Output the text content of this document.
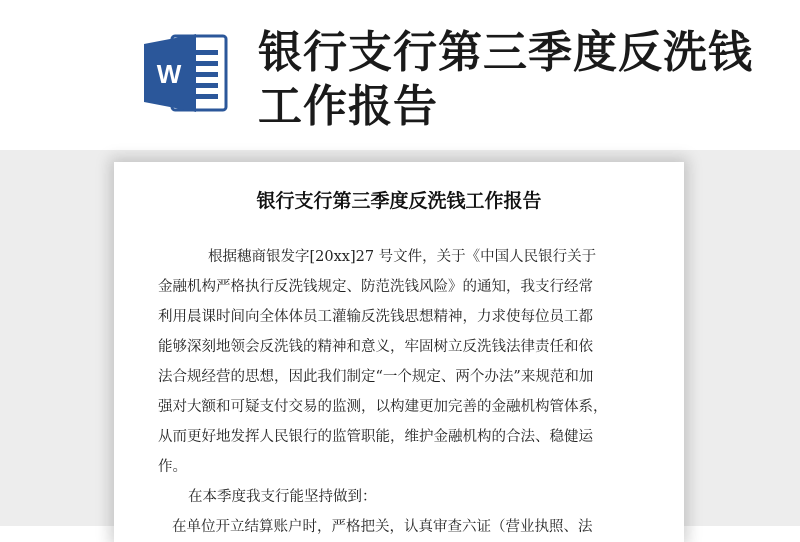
W 银行支行第三季度反洗钱工作报告
银行支行第三季度反洗钱工作报告
根据穗商银发字[20xx]27 号文件，关于《中国人民银行关于
金融机构严格执行反洗钱规定、防范洗钱风险》的通知，我支行经常
利用晨课时间向全体体员工灌输反洗钱思想精神，力求使每位员工都
能够深刻地领会反洗钱的精神和意义，牢固树立反洗钱法律责任和依
法合规经营的思想，因此我们制定“一个规定、两个办法”来规范和加
强对大额和可疑支付交易的监测，以构建更加完善的金融机构管体系，
从而更好地发挥人民银行的监管职能，维护金融机构的合法、稳健运
作。
在本季度我支行能坚持做到：
在单位开立结算账户时，严格把关，认真审查六证（营业执照、法
